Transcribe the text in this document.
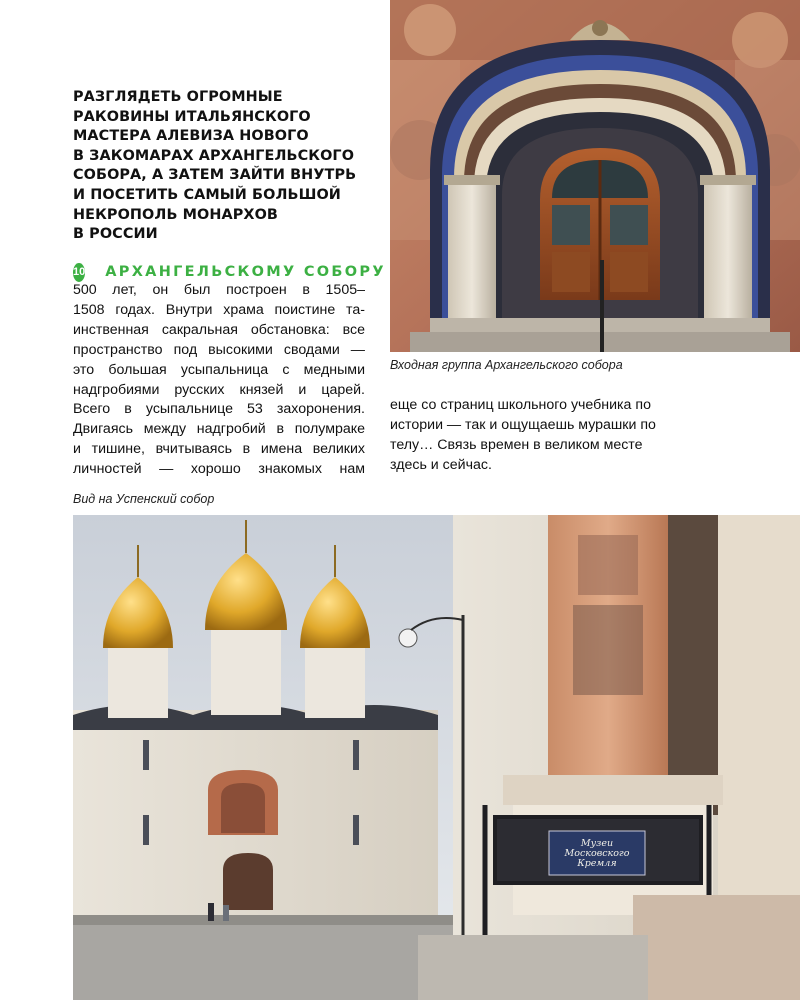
РАЗГЛЯДЕТЬ ОГРОМНЫЕ
РАКОВИНЫ ИТАЛЬЯНСКОГО
МАСТЕРА АЛЕВИЗА НОВОГО
В ЗАКОМАРАХ АРХАНГЕЛЬСКОГО
СОБОРА, А ЗАТЕМ ЗАЙТИ ВНУТРЬ
И ПОСЕТИТЬ САМЫЙ БОЛЬШОЙ
НЕКРОПОЛЬ МОНАРХОВ
В РОССИИ
10 АРХАНГЕЛЬСКОМУ СОБОРУ
500 лет, он был построен в 1505–
1508 годах. Внутри храма поистине та-
инственная сакральная обстановка: все
пространство под высокими сводами —
это большая усыпальница с медными
надгробиями русских князей и царей.
Всего в усыпальнице 53 захоронения.
Двигаясь между надгробий в полумраке
и тишине, вчитываясь в имена великих
личностей — хорошо знакомых нам
еще со страниц школьного учебника по
истории — так и ощущаешь мурашки по
телу… Связь времен в великом месте
здесь и сейчас.
Входная группа Архангельского собора
Вид на Успенский собор
Музеи
Московского
Кремля
